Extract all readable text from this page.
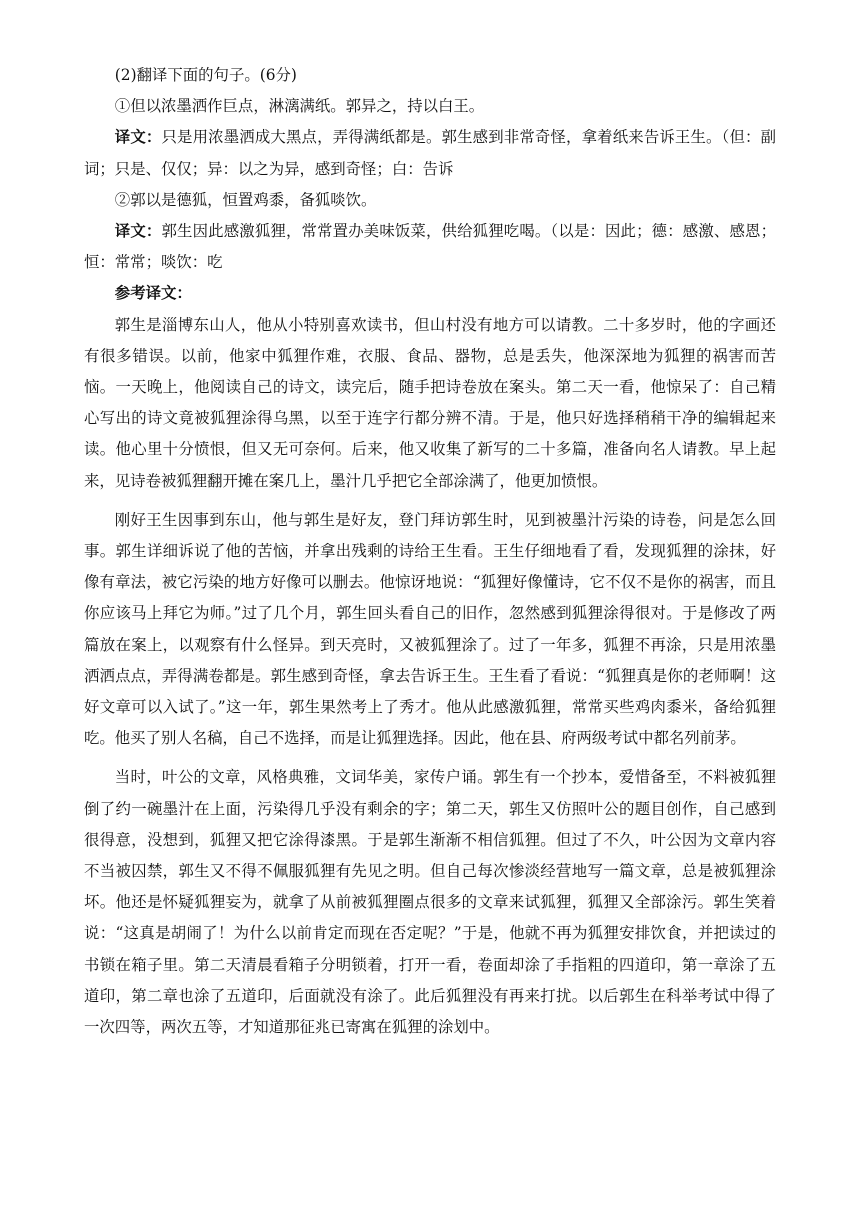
(2)翻译下面的句子。(6分)

①但以浓墨洒作巨点，淋漓满纸。郭异之，持以白王。

译文：只是用浓墨洒成大黑点，弄得满纸都是。郭生感到非常奇怪，拿着纸来告诉王生。（但：副词；只是、仅仅；异：以之为异，感到奇怪；白：告诉

②郭以是德狐，恒置鸡黍，备狐啖饮。

译文：郭生因此感激狐狸，常常置办美味饭菜，供给狐狸吃喝。（以是：因此；德：感激、感恩；恒：常常；啖饮：吃

参考译文：

郭生是淄博东山人，他从小特别喜欢读书，但山村没有地方可以请教。二十多岁时，他的字画还有很多错误。以前，他家中狐狸作难，衣服、食品、器物，总是丢失，他深深地为狐狸的祸害而苦恼。一天晚上，他阅读自己的诗文，读完后，随手把诗卷放在案头。第二天一看，他惊呆了：自己精心写出的诗文竟被狐狸涂得乌黑，以至于连字行都分辨不清。于是，他只好选择稍稍干净的编辑起来读。他心里十分愤恨，但又无可奈何。后来，他又收集了新写的二十多篇，准备向名人请教。早上起来，见诗卷被狐狸翻开摊在案几上，墨汁几乎把它全部涂满了，他更加愤恨。

刚好王生因事到东山，他与郭生是好友，登门拜访郭生时，见到被墨汁污染的诗卷，问是怎么回事。郭生详细诉说了他的苦恼，并拿出残剩的诗给王生看。王生仔细地看了看，发现狐狸的涂抹，好像有章法，被它污染的地方好像可以删去。他惊讶地说：“狐狸好像懂诗，它不仅不是你的祸害，而且你应该马上拜它为师。”过了几个月，郭生回头看自己的旧作，忽然感到狐狸涂得很对。于是修改了两篇放在案上，以观察有什么怪异。到天亮时，又被狐狸涂了。过了一年多，狐狸不再涂，只是用浓墨洒洒点点，弄得满卷都是。郭生感到奇怪，拿去告诉王生。王生看了看说：“狐狸真是你的老师啊！这好文章可以入试了。”这一年，郭生果然考上了秀才。他从此感激狐狸，常常买些鸡肉黍米，备给狐狸吃。他买了别人名稿，自己不选择，而是让狐狸选择。因此，他在县、府两级考试中都名列前茅。

当时，叶公的文章，风格典雅，文词华美，家传户诵。郭生有一个抄本，爱惜备至，不料被狐狸倒了约一碗墨汁在上面，污染得几乎没有剩余的字；第二天，郭生又仿照叶公的题目创作，自己感到很得意，没想到，狐狸又把它涂得漆黑。于是郭生渐渐不相信狐狸。但过了不久，叶公因为文章内容不当被囚禁，郭生又不得不佩服狐狸有先见之明。但自己每次惨淡经营地写一篇文章，总是被狐狸涂坏。他还是怀疑狐狸妄为，就拿了从前被狐狸圈点很多的文章来试狐狸，狐狸又全部涂污。郭生笑着说：“这真是胡闹了！为什么以前肯定而现在否定呢？”于是，他就不再为狐狸安排饮食，并把读过的书锁在箱子里。第二天清晨看箱子分明锁着，打开一看，卷面却涂了手指粗的四道印，第一章涂了五道印，第二章也涂了五道印，后面就没有涂了。此后狐狸没有再来打扰。以后郭生在科举考试中得了一次四等，两次五等，才知道那征兆已寄寓在狐狸的涂划中。
